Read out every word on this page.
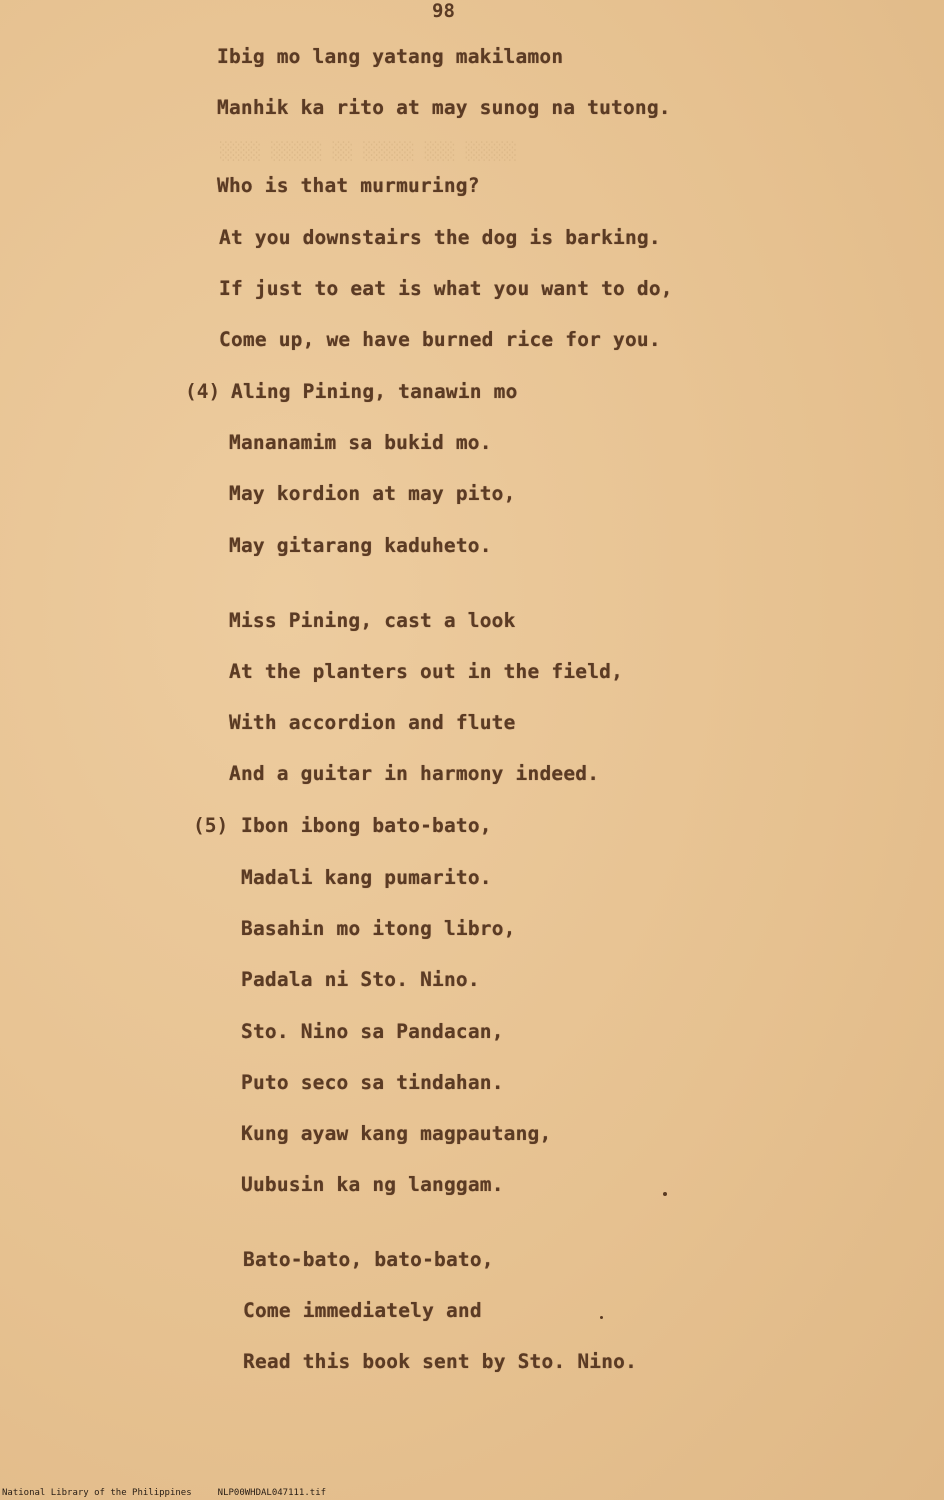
98
░░░░ ░░░░░ ░░ ░░░░░ ░░░ ░░░░░
Ibig mo lang yatang makilamon
Manhik ka rito at may sunog na tutong.
Who is that murmuring?
At you downstairs the dog is barking.
If just to eat is what you want to do,
Come up, we have burned rice for you.
(4) Aling Pining, tanawin mo
Mananamim sa bukid mo.
May kordion at may pito,
May gitarang kaduheto.
Miss Pining, cast a look
At the planters out in the field,
With accordion and flute
And a guitar in harmony indeed.
(5) Ibon ibong bato-bato,
Madali kang pumarito.
Basahin mo itong libro,
Padala ni Sto. Nino.
Sto. Nino sa Pandacan,
Puto seco sa tindahan.
Kung ayaw kang magpautang,
Uubusin ka ng langgam.
Bato-bato, bato-bato,
Come immediately and
Read this book sent by Sto. Nino.
National Library of the Philippines	NLP00WHDAL047111.tif
